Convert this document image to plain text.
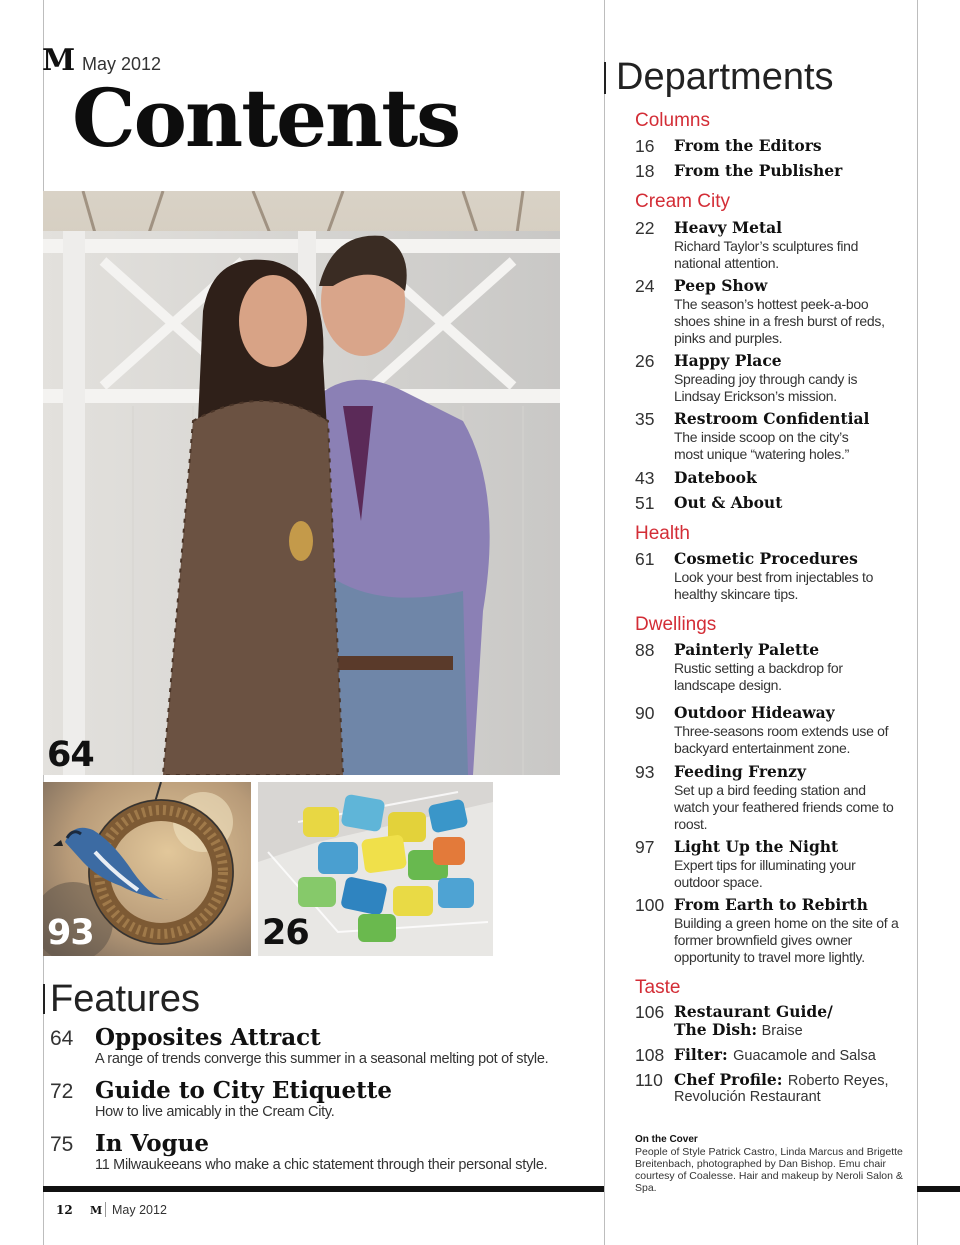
M May 2012
Contents
64
93	26
Features
64 Opposites Attract
A range of trends converge this summer in a seasonal melting pot of style.
72 Guide to City Etiquette
How to live amicably in the Cream City.
75 In Vogue
11 Milwaukeeans who make a chic statement through their personal style.
12 M May 2012
Departments
Columns
16 From the Editors
18 From the Publisher
Cream City
22 Heavy Metal
Richard Taylor’s sculptures find national attention.
24 Peep Show
The season’s hottest peek-a-boo shoes shine in a fresh burst of reds, pinks and purples.
26 Happy Place
Spreading joy through candy is Lindsay Erickson’s mission.
35 Restroom Confidential
The inside scoop on the city’s most unique “watering holes.”
43 Datebook
51 Out & About
Health
61 Cosmetic Procedures
Look your best from injectables to healthy skincare tips.
Dwellings
88 Painterly Palette
Rustic setting a backdrop for landscape design.
90 Outdoor Hideaway
Three-seasons room extends use of backyard entertainment zone.
93 Feeding Frenzy
Set up a bird feeding station and watch your feathered friends come to roost.
97 Light Up the Night
Expert tips for illuminating your outdoor space.
100 From Earth to Rebirth
Building a green home on the site of a former brownfield gives owner opportunity to travel more lightly.
Taste
106 Restaurant Guide/
The Dish: Braise
108 Filter: Guacamole and Salsa
110 Chef Profile: Roberto Reyes,
Revolución Restaurant
On the Cover
People of Style Patrick Castro, Linda Marcus and Brigette Breitenbach, photographed by Dan Bishop. Emu chair courtesy of Coalesse. Hair and makeup by Neroli Salon & Spa.
